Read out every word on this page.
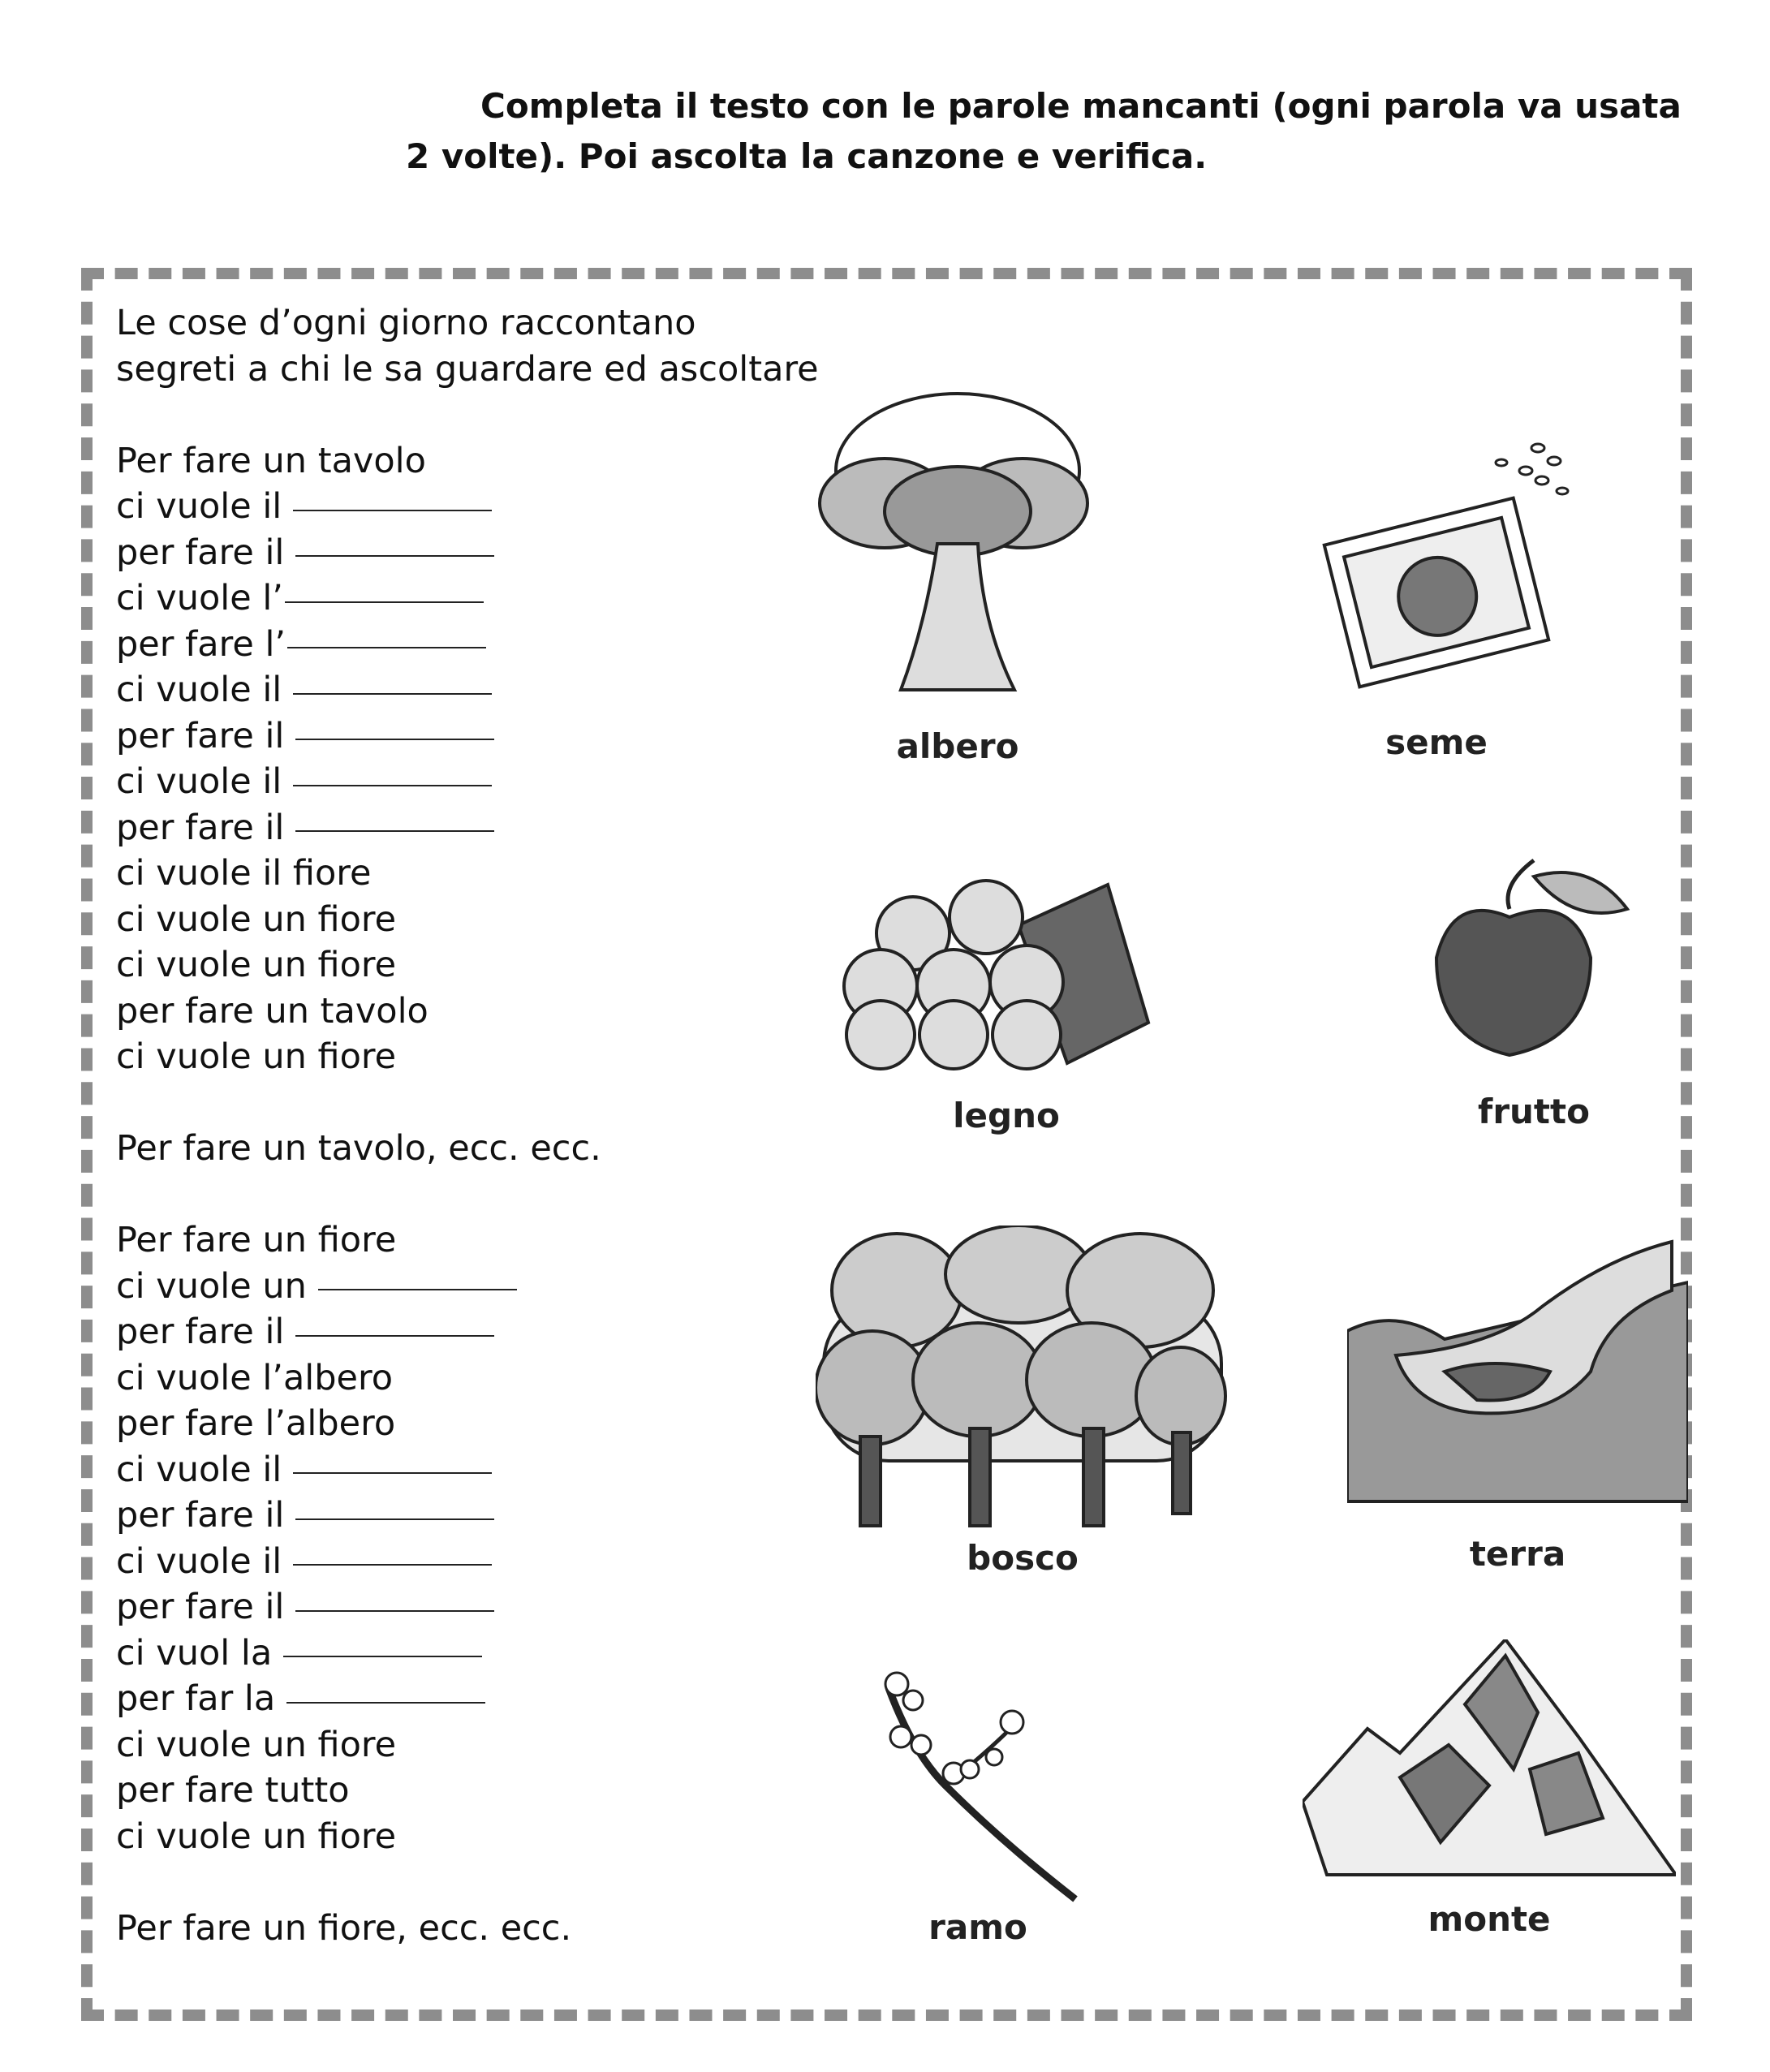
Completa il testo con le parole mancanti (ogni parola va usata 2 volte). Poi ascolta la canzone e verifica.

Le cose d’ogni giorno raccontano
segreti a chi le sa guardare ed ascoltare
Per fare un tavolo
ci vuole il
per fare il
ci vuole l’
per fare l’
ci vuole il
per fare il
ci vuole il
per fare il
ci vuole il fiore
ci vuole un fiore
ci vuole un fiore
per fare un tavolo
ci vuole un fiore
Per fare un tavolo, ecc. ecc.
Per fare un fiore
ci vuole un
per fare il
ci vuole l’albero
per fare l’albero
ci vuole il
per fare il
ci vuole il
per fare il
ci vuol la
per far la
ci vuole un fiore
per fare tutto
ci vuole un fiore
Per fare un fiore, ecc. ecc.
albero	seme
legno	frutto
bosco	terra
ramo	monte
